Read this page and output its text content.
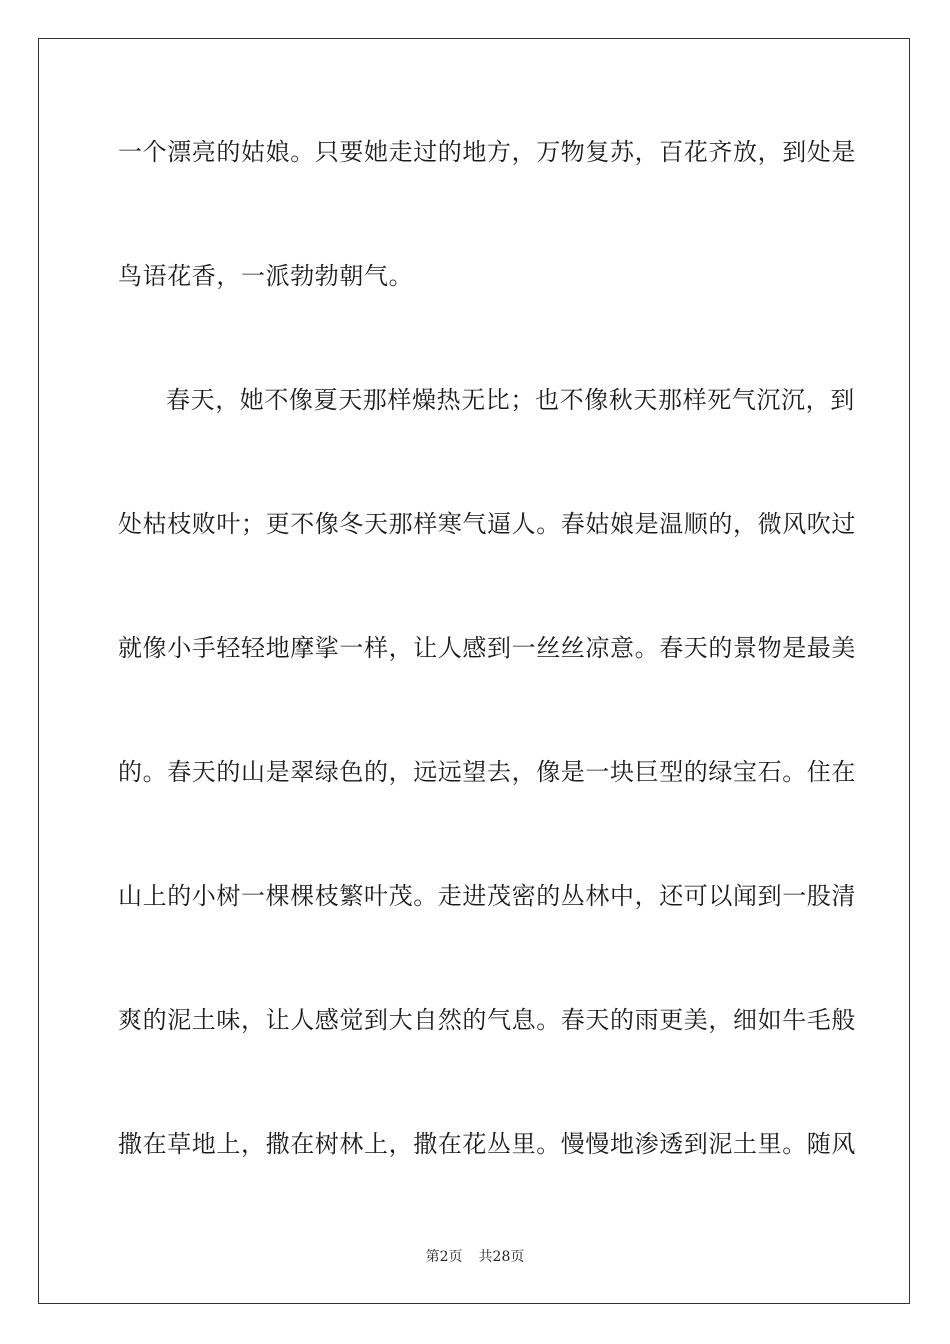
一个漂亮的姑娘。只要她走过的地方，万物复苏，百花齐放，到处是
鸟语花香，一派勃勃朝气。
春天，她不像夏天那样燥热无比；也不像秋天那样死气沉沉，到
处枯枝败叶；更不像冬天那样寒气逼人。春姑娘是温顺的，微风吹过
就像小手轻轻地摩挲一样，让人感到一丝丝凉意。春天的景物是最美
的。春天的山是翠绿色的，远远望去，像是一块巨型的绿宝石。住在
山上的小树一棵棵枝繁叶茂。走进茂密的丛林中，还可以闻到一股清
爽的泥土味，让人感觉到大自然的气息。春天的雨更美，细如牛毛般
撒在草地上，撒在树林上，撒在花丛里。慢慢地渗透到泥土里。随风
第2页 共28页
